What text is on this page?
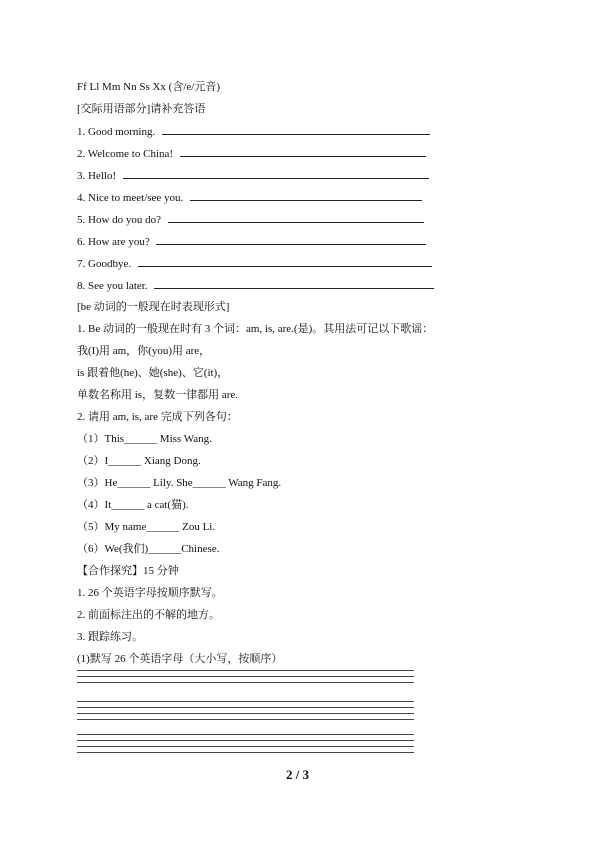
Ff Ll Mm Nn Ss Xx (含/e/元音)
[交际用语部分]请补充答语
1. Good morning.
2. Welcome to China!
3. Hello!
4. Nice to meet/see you.
5. How do you do?
6. How are you?
7. Goodbye.
8. See you later.
[be 动词的一般现在时表现形式]
1. Be 动词的一般现在时有 3 个词：am, is, are.(是)。其用法可记以下歌谣：
我(I)用 am，你(you)用 are，
is 跟着他(he)、她(she)、它(it)，
单数名称用 is，复数一律都用 are.
2. 请用 am, is, are 完成下列各句：
（1）This______ Miss Wang.
（2）I______ Xiang Dong.
（3）He______ Lily. She______ Wang Fang.
（4）It______ a cat(猫).
（5）My name______ Zou Li.
（6）We(我们)______Chinese.
【合作探究】15 分钟
1. 26 个英语字母按顺序默写。
2. 前面标注出的不解的地方。
3. 跟踪练习。
(1)默写 26 个英语字母（大小写，按顺序）
2 / 3
